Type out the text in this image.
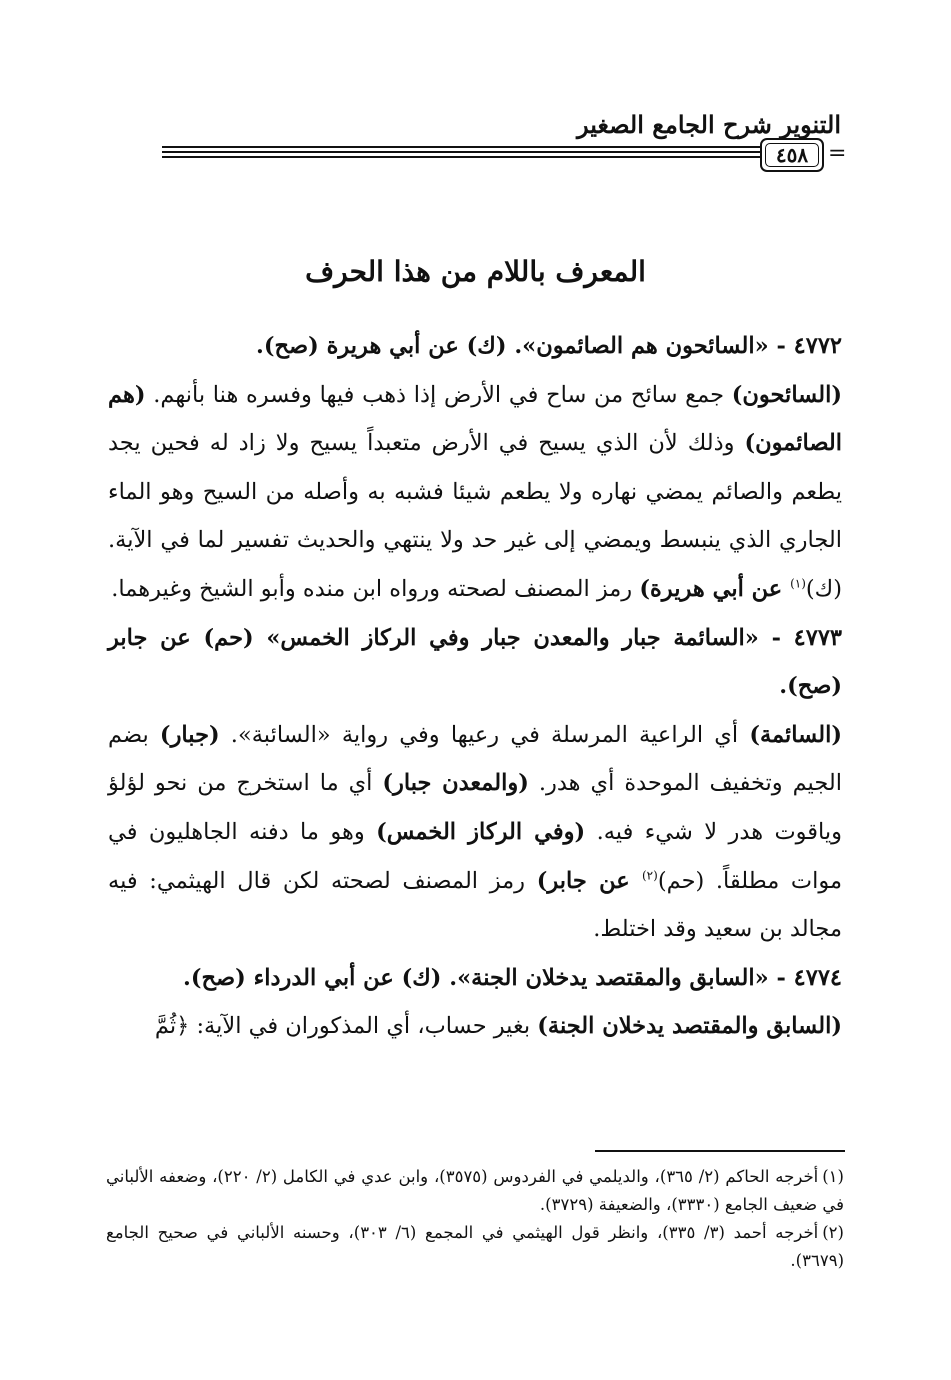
التنوير شرح الجامع الصغير
٤٥٨ =
المعرف باللام من هذا الحرف

٤٧٧٢ - «السائحون هم الصائمون». (ك) عن أبي هريرة (صح).

(السائحون) جمع سائح من ساح في الأرض إذا ذهب فيها وفسره هنا بأنهم. (هم الصائمون) وذلك لأن الذي يسيح في الأرض متعبداً يسيح ولا زاد له فحين يجد يطعم والصائم يمضي نهاره ولا يطعم شيئا فشبه به وأصله من السيح وهو الماء الجاري الذي ينبسط ويمضي إلى غير حد ولا ينتهي والحديث تفسير لما في الآية. (ك)$^{(١)}$ عن أبي هريرة) رمز المصنف لصحته ورواه ابن منده وأبو الشيخ وغيرهما.

٤٧٧٣ - «السائمة جبار والمعدن جبار وفي الركاز الخمس» (حم) عن جابر (صح).

(السائمة) أي الراعية المرسلة في رعيها وفي رواية «السائبة». (جبار) بضم الجيم وتخفيف الموحدة أي هدر. (والمعدن جبار) أي ما استخرج من نحو لؤلؤ وياقوت هدر لا شيء فيه. (وفي الركاز الخمس) وهو ما دفنه الجاهليون في موات مطلقاً. (حم)$^{(٢)}$ عن جابر) رمز المصنف لصحته لكن قال الهيثمي: فيه مجالد بن سعيد وقد اختلط.

٤٧٧٤ - «السابق والمقتصد يدخلان الجنة». (ك) عن أبي الدرداء (صح).

(السابق والمقتصد يدخلان الجنة) بغير حساب، أي المذكوران في الآية: ﴿ثُمَّ

(١)أخرجه الحاكم (٢/ ٣٦٥)، والديلمي في الفردوس (٣٥٧٥)، وابن عدي في الكامل (٢/ ٢٢٠)، وضعفه الألباني في ضعيف الجامع (٣٣٣٠)، والضعيفة (٣٧٢٩).

(٢)أخرجه أحمد (٣/ ٣٣٥)، وانظر قول الهيثمي في المجمع (٦/ ٣٠٣)، وحسنه الألباني في صحيح الجامع (٣٦٧٩).
